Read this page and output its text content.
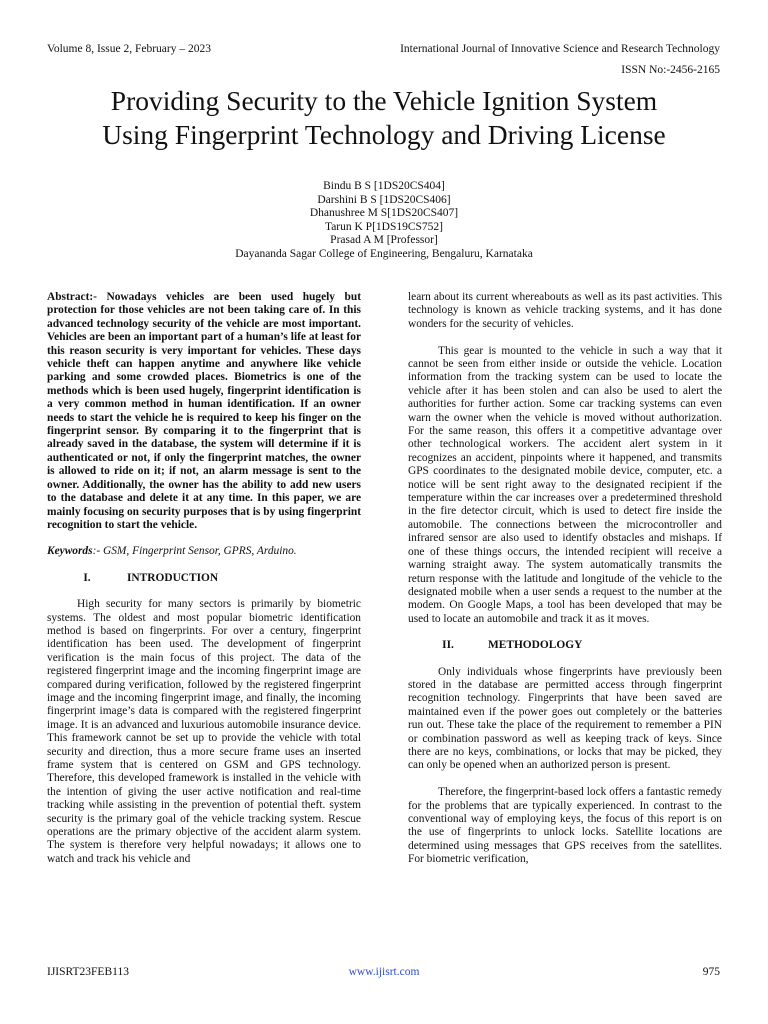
Volume 8, Issue 2, February – 2023	International Journal of Innovative Science and Research Technology
ISSN No:-2456-2165
Providing Security to the Vehicle Ignition System
Using Fingerprint Technology and Driving License
Bindu B S [1DS20CS404]
Darshini B S [1DS20CS406]
Dhanushree M S[1DS20CS407]
Tarun K P[1DS19CS752]
Prasad A M [Professor]
Dayananda Sagar College of Engineering, Bengaluru, Karnataka

Abstract:- Nowadays vehicles are been used hugely but protection for those vehicles are not been taking care of. In this advanced technology security of the vehicle are most important. Vehicles are been an important part of a human’s life at least for this reason security is very important for vehicles. These days vehicle theft can happen anytime and anywhere like vehicle parking and some crowded places. Biometrics is one of the methods which is been used hugely, fingerprint identification is a very common method in human identification. If an owner needs to start the vehicle he is required to keep his finger on the fingerprint sensor. By comparing it to the fingerprint that is already saved in the database, the system will determine if it is authenticated or not, if only the fingerprint matches, the owner is allowed to ride on it; if not, an alarm message is sent to the owner. Additionally, the owner has the ability to add new users to the database and delete it at any time. In this paper, we are mainly focusing on security purposes that is by using fingerprint recognition to start the vehicle.

Keywords:- GSM, Fingerprint Sensor, GPRS, Arduino.

I.	INTRODUCTION

High security for many sectors is primarily by biometric systems. The oldest and most popular biometric identification method is based on fingerprints. For over a century, fingerprint identification has been used. The development of fingerprint verification is the main focus of this project. The data of the registered fingerprint image and the incoming fingerprint image are compared during verification, followed by the registered fingerprint image and the incoming fingerprint image, and finally, the incoming fingerprint image’s data is compared with the registered fingerprint image. It is an advanced and luxurious automobile insurance device. This framework cannot be set up to provide the vehicle with total security and direction, thus a more secure frame uses an inserted frame system that is centered on GSM and GPS technology. Therefore, this developed framework is installed in the vehicle with the intention of giving the user active notification and real-time tracking while assisting in the prevention of potential theft. system security is the primary goal of the vehicle tracking system. Rescue operations are the primary objective of the accident alarm system. The system is therefore very helpful nowadays; it allows one to watch and track his vehicle and

learn about its current whereabouts as well as its past activities. This technology is known as vehicle tracking systems, and it has done wonders for the security of vehicles.

This gear is mounted to the vehicle in such a way that it cannot be seen from either inside or outside the vehicle. Location information from the tracking system can be used to locate the vehicle after it has been stolen and can also be used to alert the authorities for further action. Some car tracking systems can even warn the owner when the vehicle is moved without authorization. For the same reason, this offers it a competitive advantage over other technological workers. The accident alert system in it recognizes an accident, pinpoints where it happened, and transmits GPS coordinates to the designated mobile device, computer, etc. a notice will be sent right away to the designated recipient if the temperature within the car increases over a predetermined threshold in the fire detector circuit, which is used to detect fire inside the automobile. The connections between the microcontroller and infrared sensor are also used to identify obstacles and mishaps. If one of these things occurs, the intended recipient will receive a warning straight away. The system automatically transmits the return response with the latitude and longitude of the vehicle to the designated mobile when a user sends a request to the number at the modem. On Google Maps, a tool has been developed that may be used to locate an automobile and track it as it moves.

II.	METHODOLOGY

Only individuals whose fingerprints have previously been stored in the database are permitted access through fingerprint recognition technology. Fingerprints that have been saved are maintained even if the power goes out completely or the batteries run out. These take the place of the requirement to remember a PIN or combination password as well as keeping track of keys. Since there are no keys, combinations, or locks that may be picked, they can only be opened when an authorized person is present.

Therefore, the fingerprint-based lock offers a fantastic remedy for the problems that are typically experienced. In contrast to the conventional way of employing keys, the focus of this report is on the use of fingerprints to unlock locks. Satellite locations are determined using messages that GPS receives from the satellites. For biometric verification,

IJISRT23FEB113	www.ijisrt.com	975
